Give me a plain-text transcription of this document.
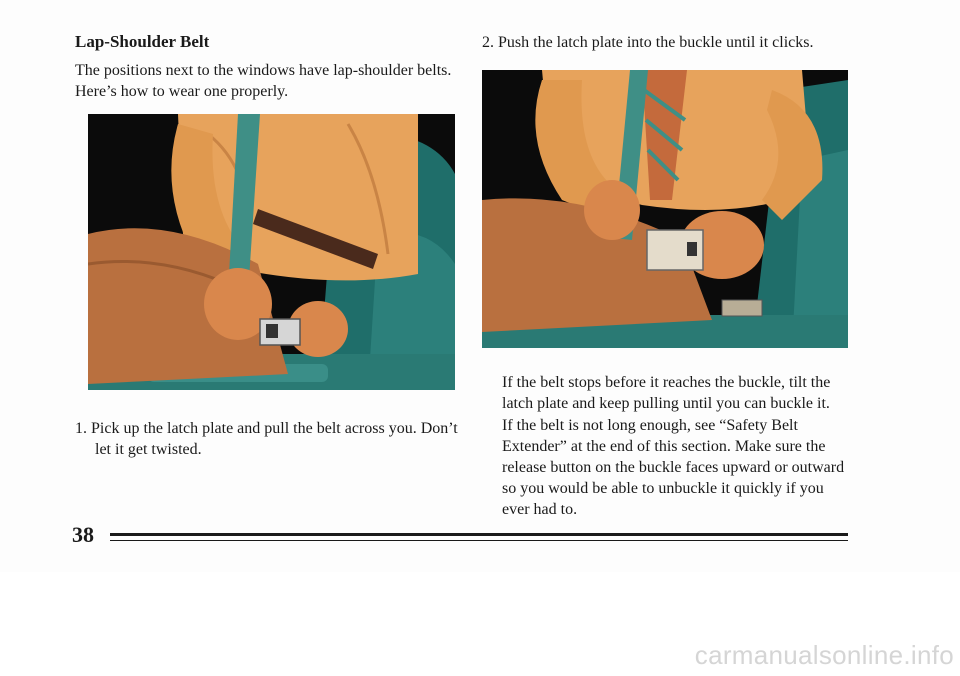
Lap-Shoulder Belt

The positions next to the windows have lap-shoulder belts. Here’s how to wear one properly.

1. Pick up the latch plate and pull the belt across you. Don’t let it get twisted.

2. Push the latch plate into the buckle until it clicks.

If the belt stops before it reaches the buckle, tilt the latch plate and keep pulling until you can buckle it.

If the belt is not long enough, see “Safety Belt Extender” at the end of this section. Make sure the release button on the buckle faces upward or outward so you would be able to unbuckle it quickly if you ever had to.

38

carmanualsonline.info
